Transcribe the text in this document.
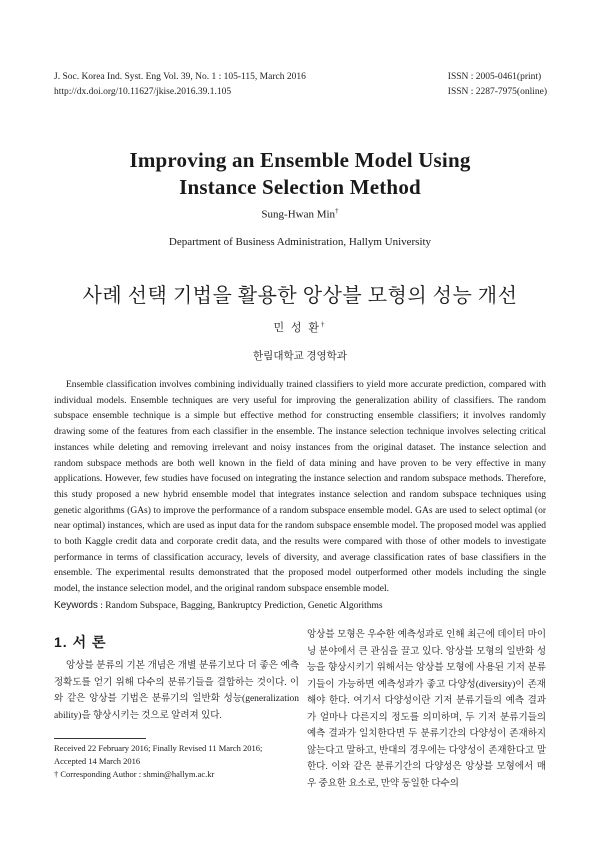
J. Soc. Korea Ind. Syst. Eng Vol. 39, No. 1 : 105-115, March 2016
http://dx.doi.org/10.11627/jkise.2016.39.1.105
ISSN : 2005-0461(print)
ISSN : 2287-7975(online)
Improving an Ensemble Model Using
Instance Selection Method
Sung-Hwan Min†
Department of Business Administration, Hallym University
사례 선택 기법을 활용한 앙상블 모형의 성능 개선
민 성 환†
한림대학교 경영학과
Ensemble classification involves combining individually trained classifiers to yield more accurate prediction, compared with individual models. Ensemble techniques are very useful for improving the generalization ability of classifiers. The random subspace ensemble technique is a simple but effective method for constructing ensemble classifiers; it involves randomly drawing some of the features from each classifier in the ensemble. The instance selection technique involves selecting critical instances while deleting and removing irrelevant and noisy instances from the original dataset. The instance selection and random subspace methods are both well known in the field of data mining and have proven to be very effective in many applications. However, few studies have focused on integrating the instance selection and random subspace methods. Therefore, this study proposed a new hybrid ensemble model that integrates instance selection and random subspace techniques using genetic algorithms (GAs) to improve the performance of a random subspace ensemble model. GAs are used to select optimal (or near optimal) instances, which are used as input data for the random subspace ensemble model. The proposed model was applied to both Kaggle credit data and corporate credit data, and the results were compared with those of other models to investigate performance in terms of classification accuracy, levels of diversity, and average classification rates of base classifiers in the ensemble. The experimental results demonstrated that the proposed model outperformed other models including the single model, the instance selection model, and the original random subspace ensemble model.
Keywords : Random Subspace, Bagging, Bankruptcy Prediction, Genetic Algorithms
1. 서 론
앙상블 분류의 기본 개념은 개별 분류기보다 더 좋은 예측 정확도를 얻기 위해 다수의 분류기들을 결합하는 것이다. 이와 같은 앙상블 기법은 분류기의 일반화 성능(generalization ability)을 향상시키는 것으로 알려져 있다.
Received 22 February 2016; Finally Revised 11 March 2016;
Accepted 14 March 2016
† Corresponding Author : shmin@hallym.ac.kr
앙상블 모형은 우수한 예측성과로 인해 최근에 데이터 마이닝 분야에서 큰 관심을 끌고 있다. 앙상블 모형의 일반화 성능을 향상시키기 위해서는 앙상블 모형에 사용된 기저 분류기들이 가능하면 예측성과가 좋고 다양성(diversity)이 존재해야 한다. 여기서 다양성이란 기저 분류기들의 예측 결과가 얼마나 다른지의 정도를 의미하며, 두 기저 분류기들의 예측 결과가 일치한다면 두 분류기간의 다양성이 존재하지 않는다고 말하고, 반대의 경우에는 다양성이 존재한다고 말한다. 이와 같은 분류기간의 다양성은 앙상블 모형에서 매우 중요한 요소로, 만약 동일한 다수의
